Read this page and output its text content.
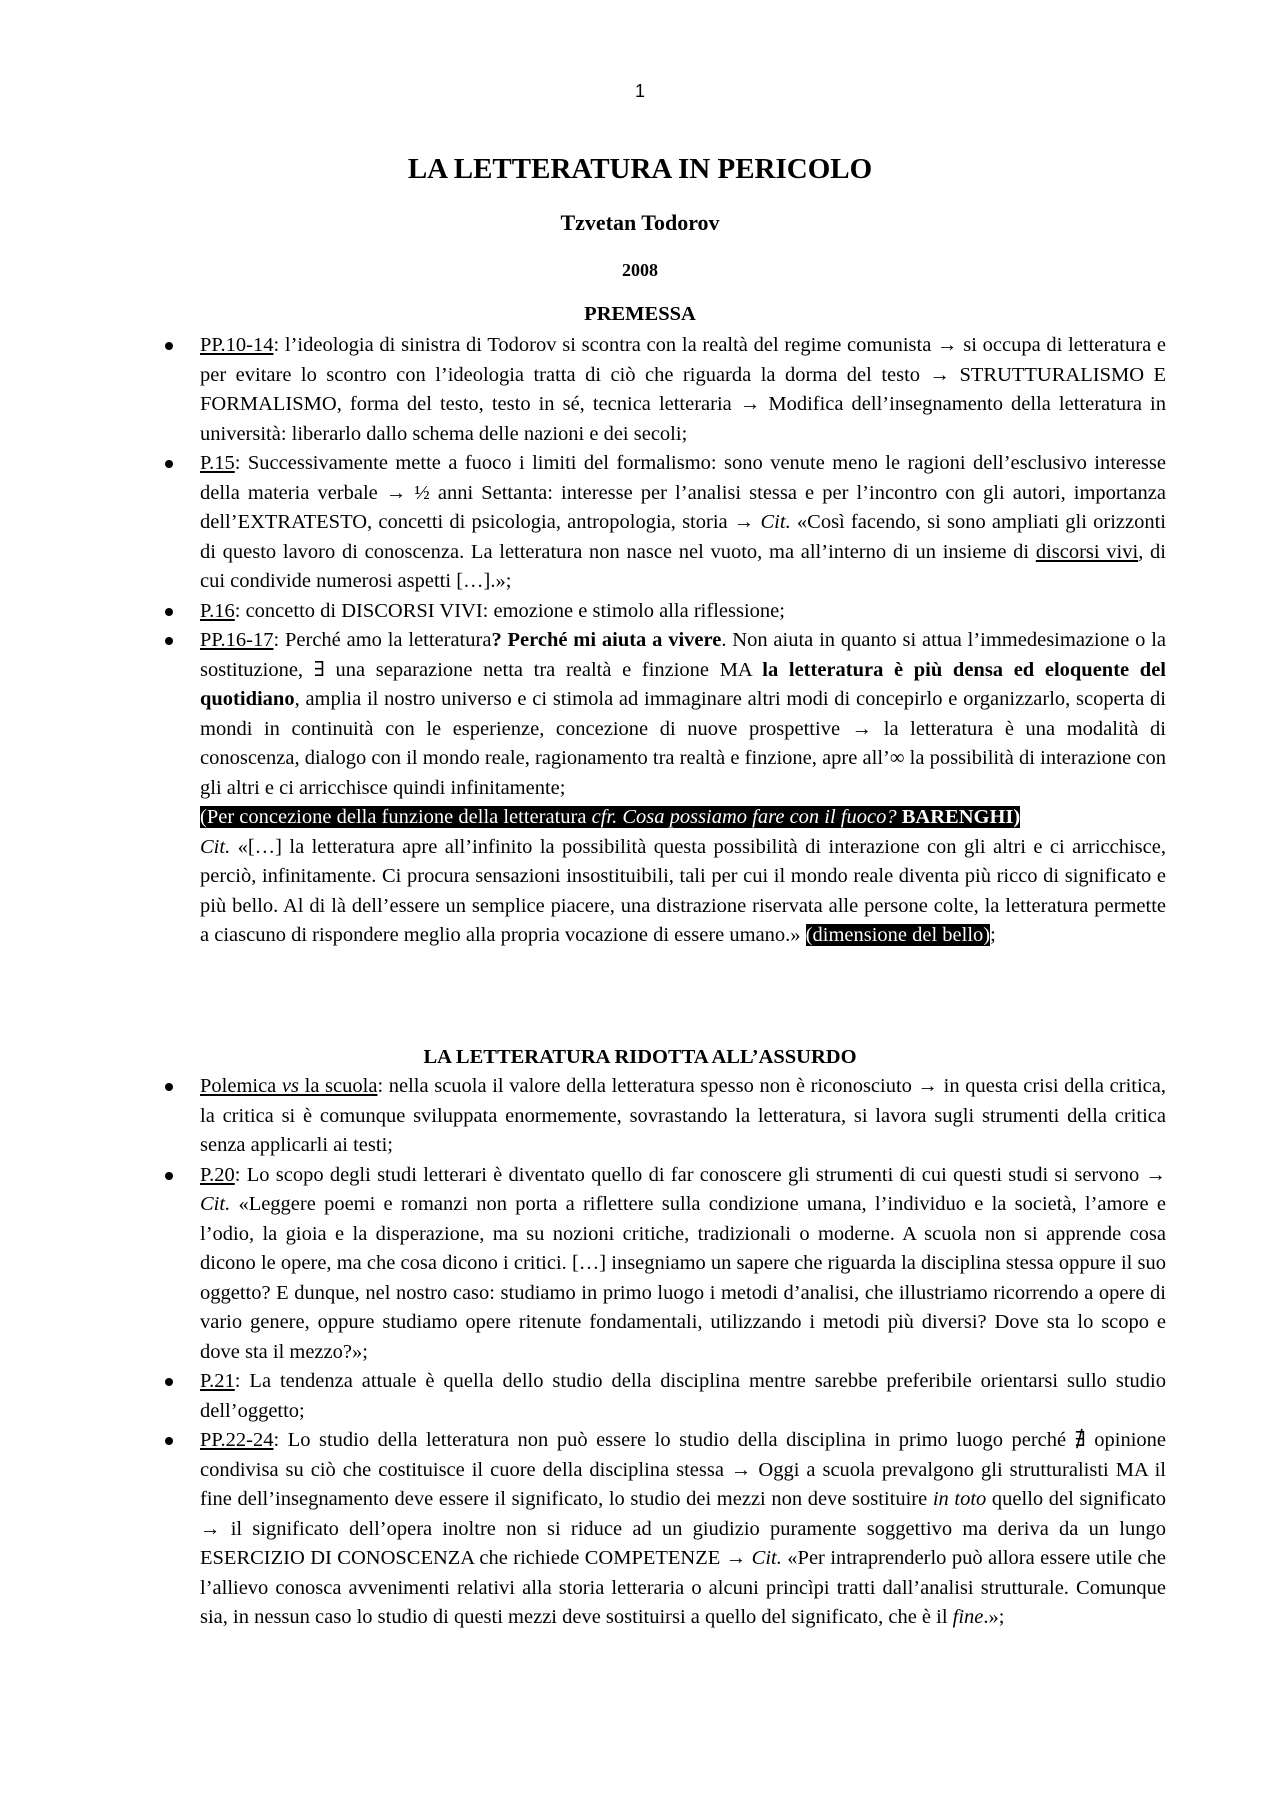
1
LA LETTERATURA IN PERICOLO
Tzvetan Todorov
2008
PREMESSA
PP.10-14: l’ideologia di sinistra di Todorov si scontra con la realtà del regime comunista → si occupa di letteratura e per evitare lo scontro con l’ideologia tratta di ciò che riguarda la dorma del testo → STRUTTURALISMO E FORMALISMO, forma del testo, testo in sé, tecnica letteraria → Modifica dell’insegnamento della letteratura in università: liberarlo dallo schema delle nazioni e dei secoli;
P.15: Successivamente mette a fuoco i limiti del formalismo: sono venute meno le ragioni dell’esclusivo interesse della materia verbale → ½ anni Settanta: interesse per l’analisi stessa e per l’incontro con gli autori, importanza dell’EXTRATESTO, concetti di psicologia, antropologia, storia → Cit. «Così facendo, si sono ampliati gli orizzonti di questo lavoro di conoscenza. La letteratura non nasce nel vuoto, ma all’interno di un insieme di discorsi vivi, di cui condivide numerosi aspetti […].»;
P.16: concetto di DISCORSI VIVI: emozione e stimolo alla riflessione;
PP.16-17: Perché amo la letteratura? Perché mi aiuta a vivere. Non aiuta in quanto si attua l’immedesimazione o la sostituzione, ∃ una separazione netta tra realtà e finzione MA la letteratura è più densa ed eloquente del quotidiano, amplia il nostro universo e ci stimola ad immaginare altri modi di concepirlo e organizzarlo, scoperta di mondi in continuità con le esperienze, concezione di nuove prospettive → la letteratura è una modalità di conoscenza, dialogo con il mondo reale, ragionamento tra realtà e finzione, apre all’∞ la possibilità di interazione con gli altri e ci arricchisce quindi infinitamente;
(Per concezione della funzione della letteratura cfr. Cosa possiamo fare con il fuoco? BARENGHI)
Cit. «[…] la letteratura apre all’infinito la possibilità questa possibilità di interazione con gli altri e ci arricchisce, perciò, infinitamente. Ci procura sensazioni insostituibili, tali per cui il mondo reale diventa più ricco di significato e più bello. Al di là dell’essere un semplice piacere, una distrazione riservata alle persone colte, la letteratura permette a ciascuno di rispondere meglio alla propria vocazione di essere umano.» (dimensione del bello);
LA LETTERATURA RIDOTTA ALL’ASSURDO
Polemica vs la scuola: nella scuola il valore della letteratura spesso non è riconosciuto → in questa crisi della critica, la critica si è comunque sviluppata enormemente, sovrastando la letteratura, si lavora sugli strumenti della critica senza applicarli ai testi;
P.20: Lo scopo degli studi letterari è diventato quello di far conoscere gli strumenti di cui questi studi si servono → Cit. «Leggere poemi e romanzi non porta a riflettere sulla condizione umana, l’individuo e la società, l’amore e l’odio, la gioia e la disperazione, ma su nozioni critiche, tradizionali o moderne. A scuola non si apprende cosa dicono le opere, ma che cosa dicono i critici. […] insegniamo un sapere che riguarda la disciplina stessa oppure il suo oggetto? E dunque, nel nostro caso: studiamo in primo luogo i metodi d’analisi, che illustriamo ricorrendo a opere di vario genere, oppure studiamo opere ritenute fondamentali, utilizzando i metodi più diversi? Dove sta lo scopo e dove sta il mezzo?»;
P.21: La tendenza attuale è quella dello studio della disciplina mentre sarebbe preferibile orientarsi sullo studio dell’oggetto;
PP.22-24: Lo studio della letteratura non può essere lo studio della disciplina in primo luogo perché ∄ opinione condivisa su ciò che costituisce il cuore della disciplina stessa → Oggi a scuola prevalgono gli strutturalisti MA il fine dell’insegnamento deve essere il significato, lo studio dei mezzi non deve sostituire in toto quello del significato → il significato dell’opera inoltre non si riduce ad un giudizio puramente soggettivo ma deriva da un lungo ESERCIZIO DI CONOSCENZA che richiede COMPETENZE → Cit. «Per intraprenderlo può allora essere utile che l’allievo conosca avvenimenti relativi alla storia letteraria o alcuni princìpi tratti dall’analisi strutturale. Comunque sia, in nessun caso lo studio di questi mezzi deve sostituirsi a quello del significato, che è il fine.»;
